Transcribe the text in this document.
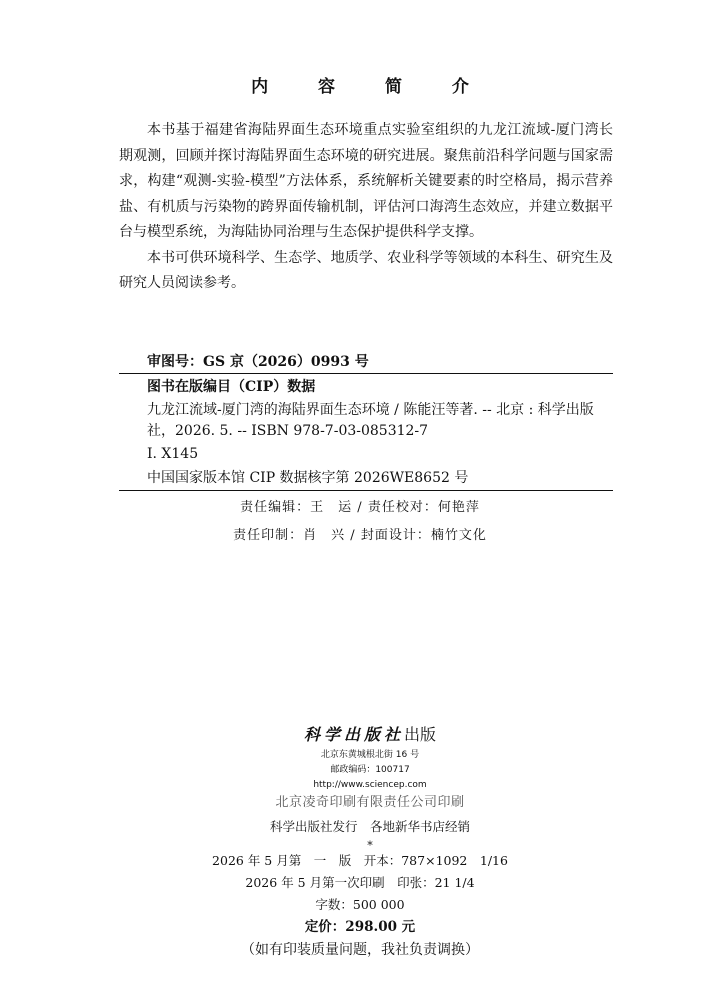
内 容 简 介

本书基于福建省海陆界面生态环境重点实验室组织的九龙江流域-厦门湾长期观测，回顾并探讨海陆界面生态环境的研究进展。聚焦前沿科学问题与国家需求，构建“观测-实验-模型”方法体系，系统解析关键要素的时空格局，揭示营养盐、有机质与污染物的跨界面传输机制，评估河口海湾生态效应，并建立数据平台与模型系统，为海陆协同治理与生态保护提供科学支撑。

本书可供环境科学、生态学、地质学、农业科学等领域的本科生、研究生及研究人员阅读参考。

审图号：GS 京（2026）0993 号
图书在版编目（CIP）数据
九龙江流域-厦门湾的海陆界面生态环境 / 陈能汪等著. -- 北京 : 科学出版社，2026. 5. -- ISBN 978-7-03-085312-7
Ⅰ. X145
中国国家版本馆 CIP 数据核字第 2026WE8652 号
责任编辑：王　运 / 责任校对：何艳萍
责任印制：肖　兴 / 封面设计：楠竹文化
科学出版社出版
北京东黄城根北街 16 号
邮政编码：100717
http://www.sciencep.com
北京凌奇印刷有限责任公司印刷
科学出版社发行　各地新华书店经销
*
2026 年 5 月第　一　版　开本：787×1092　1/16
2026 年 5 月第一次印刷　印张：21 1/4
字数：500 000
定价：298.00 元
（如有印装质量问题，我社负责调换）
